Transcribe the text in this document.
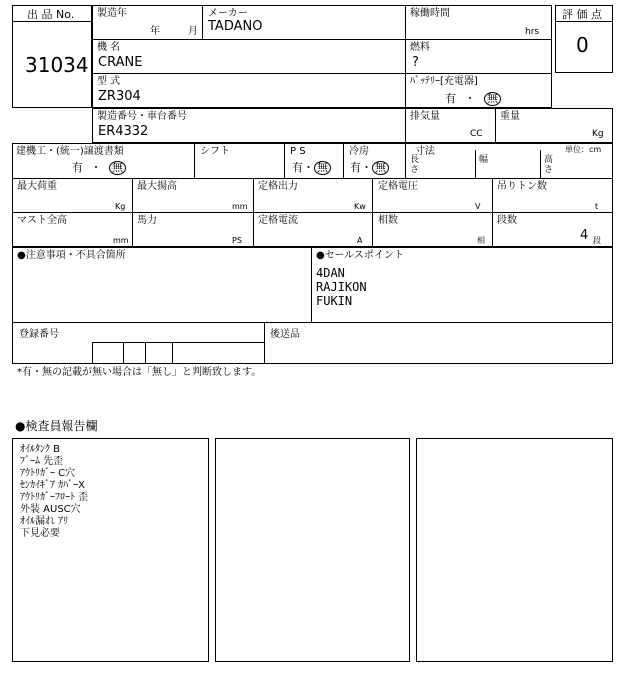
出 品 No.
31034
製造年
年	月
メーカー
TADANO
稼働時間
hrs
機 名
CRANE
燃料
?
型 式
ZR304
ﾊﾞｯﾃﾘｰ[充電器]
有 ・ 無
評 価 点
0
製造番号・車台番号
ER4332
排気量
CC
重量
Kg
建機工・(統一)譲渡書類
有 ・ 無
シフト	P S
有・ 無
冷房
有・ 無
寸法	単位：cm
長さ
幅	高さ
最大荷重
Kg
最大揚高
mm
定格出力
Kw
定格電圧
V
吊りトン数
t
マスト全高
mm
馬力
PS
定格電流
A
相数
相
段数
4 段
●注意事項・不具合箇所	●セールスポイント
4DAN
RAJIKON
FUKIN
登録番号	後送品
*有・無の記載が無い場合は「無し」と判断致します。
●検査員報告欄
ｵｲﾙﾀﾝｸ B
ﾌﾞｰﾑ 先歪
ｱｳﾄﾘｶﾞｰ C穴
ｾﾝｶｲｷﾞｱ ｶﾊﾞｰX
ｱｳﾄﾘｶﾞｰﾌﾛｰﾄ 歪
外装 AUSC穴
ｵｲﾙ漏れ ｱﾘ
下見必要
